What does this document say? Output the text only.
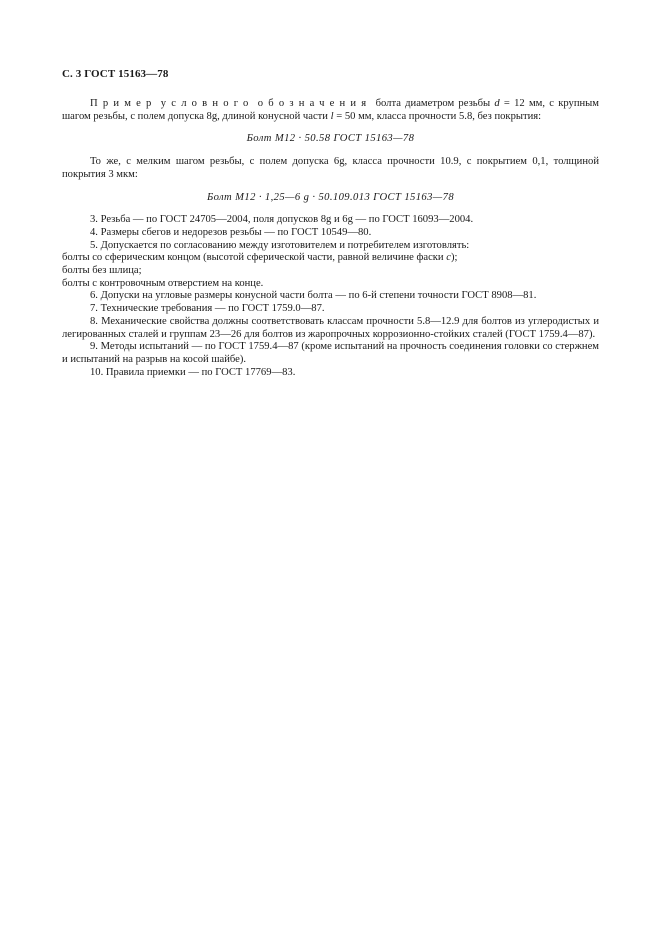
С. 3 ГОСТ 15163—78

Пример условного обозначения болта диаметром резьбы d = 12 мм, с крупным шагом резьбы, с полем допуска 8g, длиной конусной части l = 50 мм, класса прочности 5.8, без покрытия:

Болт М12 · 50.58 ГОСТ 15163—78

То же, с мелким шагом резьбы, с полем допуска 6g, класса прочности 10.9, с покрытием 0,1, толщиной покрытия 3 мкм:

Болт М12 · 1,25—6 g · 50.109.013 ГОСТ 15163—78

3. Резьба — по ГОСТ 24705—2004, поля допусков 8g и 6g — по ГОСТ 16093—2004.

4. Размеры сбегов и недорезов резьбы — по ГОСТ 10549—80.

5. Допускается по согласованию между изготовителем и потребителем изготовлять:

болты со сферическим концом (высотой сферической части, равной величине фаски c);

болты без шлица;

болты с контровочным отверстием на конце.

6. Допуски на угловые размеры конусной части болта — по 6-й степени точности ГОСТ 8908—81.

7. Технические требования — по ГОСТ 1759.0—87.

8. Механические свойства должны соответствовать классам прочности 5.8—12.9 для болтов из углеродистых и легированных сталей и группам 23—26 для болтов из жаропрочных коррозионно-стойких сталей (ГОСТ 1759.4—87).

9. Методы испытаний — по ГОСТ 1759.4—87 (кроме испытаний на прочность соединения головки со стержнем и испытаний на разрыв на косой шайбе).

10. Правила приемки — по ГОСТ 17769—83.
